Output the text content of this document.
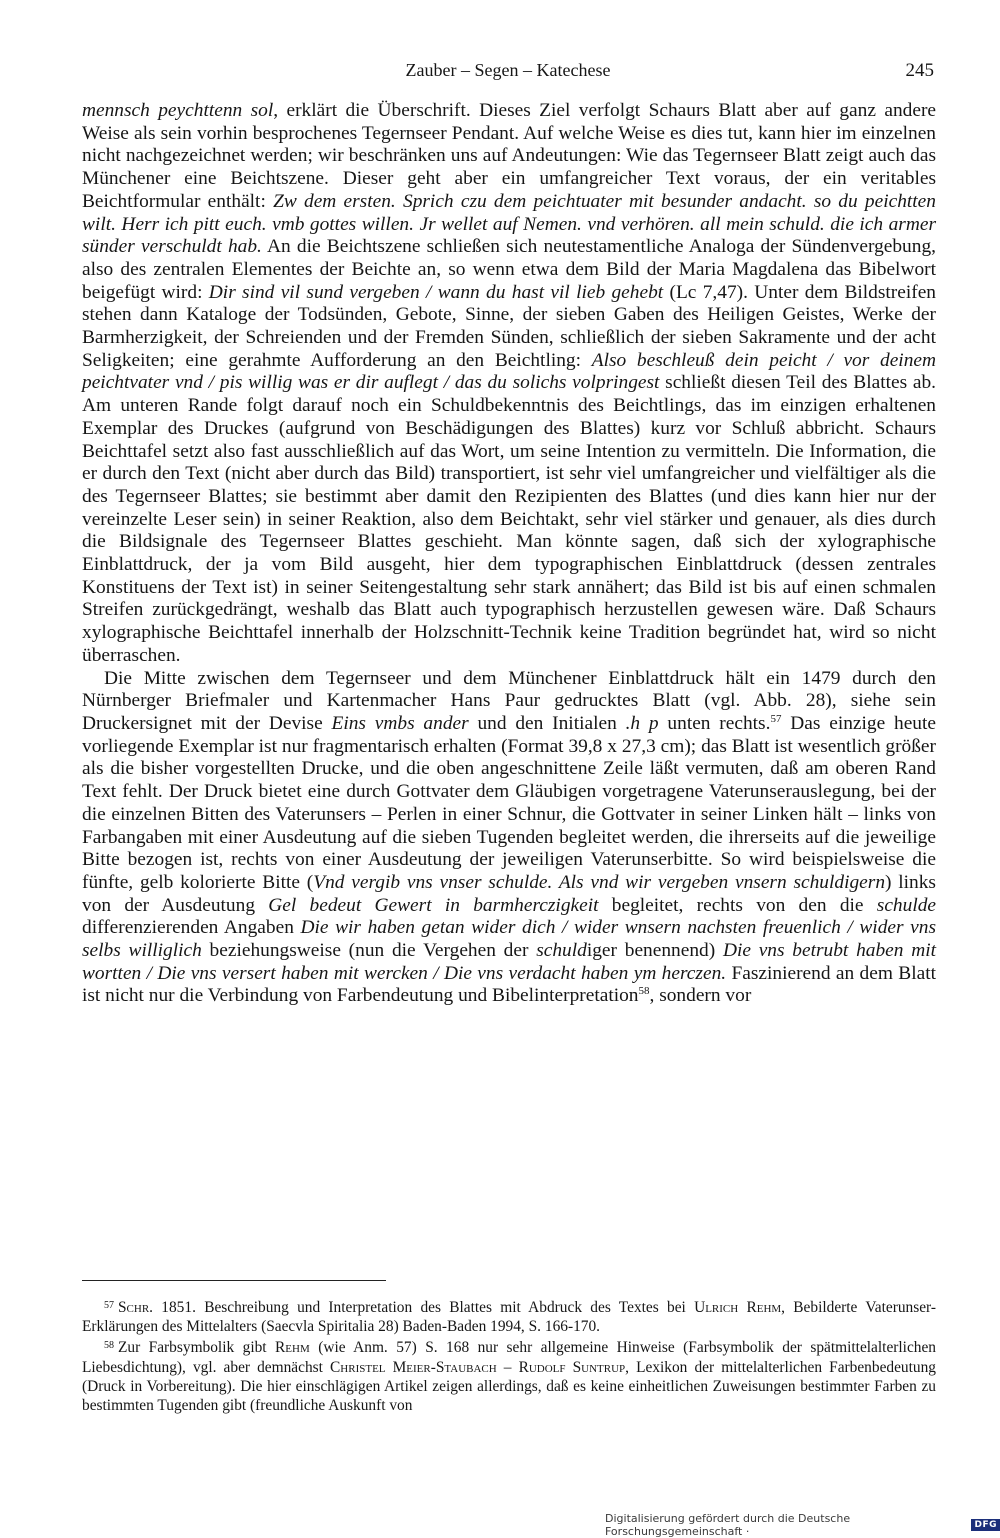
Zauber – Segen – Katechese	245

mennsch peychttenn sol, erklärt die Überschrift. Dieses Ziel verfolgt Schaurs Blatt aber auf ganz andere Weise als sein vorhin besprochenes Tegernseer Pendant. Auf welche Weise es dies tut, kann hier im einzelnen nicht nachgezeichnet werden; wir beschränken uns auf Andeutungen: Wie das Tegernseer Blatt zeigt auch das Münchener eine Beichtszene. Dieser geht aber ein umfangreicher Text voraus, der ein veritables Beichtformular enthält: Zw dem ersten. Sprich czu dem peichtuater mit besunder andacht. so du peichtten wilt. Herr ich pitt euch. vmb gottes willen. Jr wellet auf Nemen. vnd verhören. all mein schuld. die ich armer sünder verschuldt hab. An die Beichtszene schließen sich neutestamentliche Analoga der Sündenvergebung, also des zentralen Elementes der Beichte an, so wenn etwa dem Bild der Maria Magdalena das Bibelwort beigefügt wird: Dir sind vil sund vergeben / wann du hast vil lieb gehebt (Lc 7,47). Unter dem Bildstreifen stehen dann Kataloge der Todsünden, Gebote, Sinne, der sieben Gaben des Heiligen Geistes, Werke der Barmherzigkeit, der Schreienden und der Fremden Sünden, schließlich der sieben Sakramente und der acht Seligkeiten; eine gerahmte Aufforderung an den Beichtling: Also beschleuß dein peicht / vor deinem peichtvater vnd / pis willig was er dir auflegt / das du solichs volpringest schließt diesen Teil des Blattes ab. Am unteren Rande folgt darauf noch ein Schuldbekenntnis des Beichtlings, das im einzigen erhaltenen Exemplar des Druckes (aufgrund von Beschädigungen des Blattes) kurz vor Schluß abbricht. Schaurs Beichttafel setzt also fast ausschließlich auf das Wort, um seine Intention zu vermitteln. Die Information, die er durch den Text (nicht aber durch das Bild) transportiert, ist sehr viel umfangreicher und vielfältiger als die des Tegernseer Blattes; sie bestimmt aber damit den Rezipienten des Blattes (und dies kann hier nur der vereinzelte Leser sein) in seiner Reaktion, also dem Beichtakt, sehr viel stärker und genauer, als dies durch die Bildsignale des Tegernseer Blattes geschieht. Man könnte sagen, daß sich der xylographische Einblattdruck, der ja vom Bild ausgeht, hier dem typographischen Einblattdruck (dessen zentrales Konstituens der Text ist) in seiner Seitengestaltung sehr stark annähert; das Bild ist bis auf einen schmalen Streifen zurückgedrängt, weshalb das Blatt auch typographisch herzustellen gewesen wäre. Daß Schaurs xylographische Beichttafel innerhalb der Holzschnitt-Technik keine Tradition begründet hat, wird so nicht überraschen.

Die Mitte zwischen dem Tegernseer und dem Münchener Einblattdruck hält ein 1479 durch den Nürnberger Briefmaler und Kartenmacher Hans Paur gedrucktes Blatt (vgl. Abb. 28), siehe sein Druckersignet mit der Devise Eins vmbs ander und den Initialen .h p unten rechts.$^{57}$ Das einzige heute vorliegende Exemplar ist nur fragmentarisch erhalten (Format 39,8 x 27,3 cm); das Blatt ist wesentlich größer als die bisher vorgestellten Drucke, und die oben angeschnittene Zeile läßt vermuten, daß am oberen Rand Text fehlt. Der Druck bietet eine durch Gottvater dem Gläubigen vorgetragene Vaterunserauslegung, bei der die einzelnen Bitten des Vaterunsers – Perlen in einer Schnur, die Gottvater in seiner Linken hält – links von Farbangaben mit einer Ausdeutung auf die sieben Tugenden begleitet werden, die ihrerseits auf die jeweilige Bitte bezogen ist, rechts von einer Ausdeutung der jeweiligen Vaterunserbitte. So wird beispielsweise die fünfte, gelb kolorierte Bitte (Vnd vergib vns vnser schulde. Als vnd wir vergeben vnsern schuldigern) links von der Ausdeutung Gel bedeut Gewert in barmherczigkeit begleitet, rechts von den die schulde differenzierenden Angaben Die wir haben getan wider dich / wider wnsern nachsten freuenlich / wider vns selbs williglich beziehungsweise (nun die Vergehen der schuldiger benennend) Die vns betrubt haben mit wortten / Die vns versert haben mit wercken / Die vns verdacht haben ym herczen. Faszinierend an dem Blatt ist nicht nur die Verbindung von Farbendeutung und Bibelinterpretation$^{58}$, sondern vor

$^{57}$ Schr. 1851. Beschreibung und Interpretation des Blattes mit Abdruck des Textes bei Ulrich Rehm, Bebilderte Vaterunser-Erklärungen des Mittelalters (Saecvla Spiritalia 28) Baden-Baden 1994, S. 166-170.

$^{58}$ Zur Farbsymbolik gibt Rehm (wie Anm. 57) S. 168 nur sehr allgemeine Hinweise (Farbsymbolik der spätmittelalterlichen Liebesdichtung), vgl. aber demnächst Christel Meier-Staubach – Rudolf Suntrup, Lexikon der mittelalterlichen Farbenbedeutung (Druck in Vorbereitung). Die hier einschlägigen Artikel zeigen allerdings, daß es keine einheitlichen Zuweisungen bestimmter Farben zu bestimmten Tugenden gibt (freundliche Auskunft von

Digitalisierung gefördert durch die Deutsche Forschungsgemeinschaft ·	DFG
